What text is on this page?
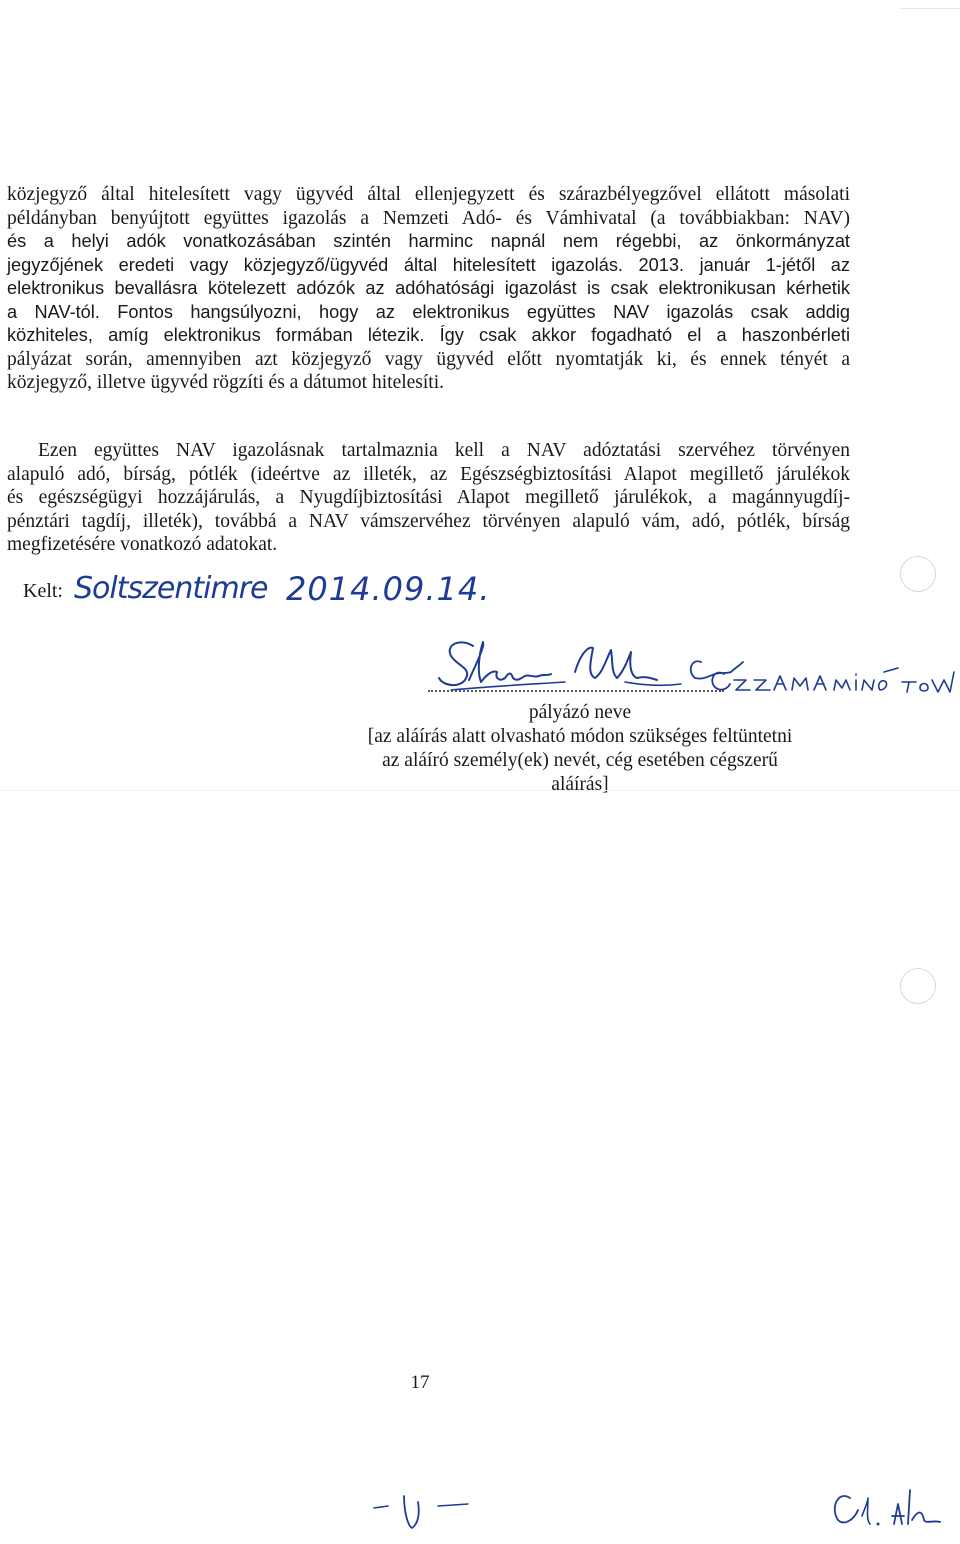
közjegyző által hitelesített vagy ügyvéd által ellenjegyzett és szárazbélyegzővel ellátott másolati
példányban benyújtott együttes igazolás a Nemzeti Adó- és Vámhivatal (a továbbiakban: NAV)
és a helyi adók vonatkozásában szintén harminc napnál nem régebbi, az önkormányzat
jegyzőjének eredeti vagy közjegyző/ügyvéd által hitelesített igazolás. 2013. január 1-jétől az
elektronikus bevallásra kötelezett adózók az adóhatósági igazolást is csak elektronikusan kérhetik
a NAV-tól. Fontos hangsúlyozni, hogy az elektronikus együttes NAV igazolás csak addig
közhiteles, amíg elektronikus formában létezik. Így csak akkor fogadható el a haszonbérleti
pályázat során, amennyiben azt közjegyző vagy ügyvéd előtt nyomtatják ki, és ennek tényét a
közjegyző, illetve ügyvéd rögzíti és a dátumot hitelesíti.
Ezen együttes NAV igazolásnak tartalmaznia kell a NAV adóztatási szervéhez törvényen
alapuló adó, bírság, pótlék (ideértve az illeték, az Egészségbiztosítási Alapot megillető járulékok
és egészségügyi hozzájárulás, a Nyugdíjbiztosítási Alapot megillető járulékok, a magánnyugdíj-
pénztári tagdíj, illeték), továbbá a NAV vámszervéhez törvényen alapuló vám, adó, pótlék, bírság
megfizetésére vonatkozó adatokat.
Kelt: Soltszentimre 2014.09.14.
pályázó neve
[az aláírás alatt olvasható módon szükséges feltüntetni
az aláíró személy(ek) nevét, cég esetében cégszerű
aláírás]
17
